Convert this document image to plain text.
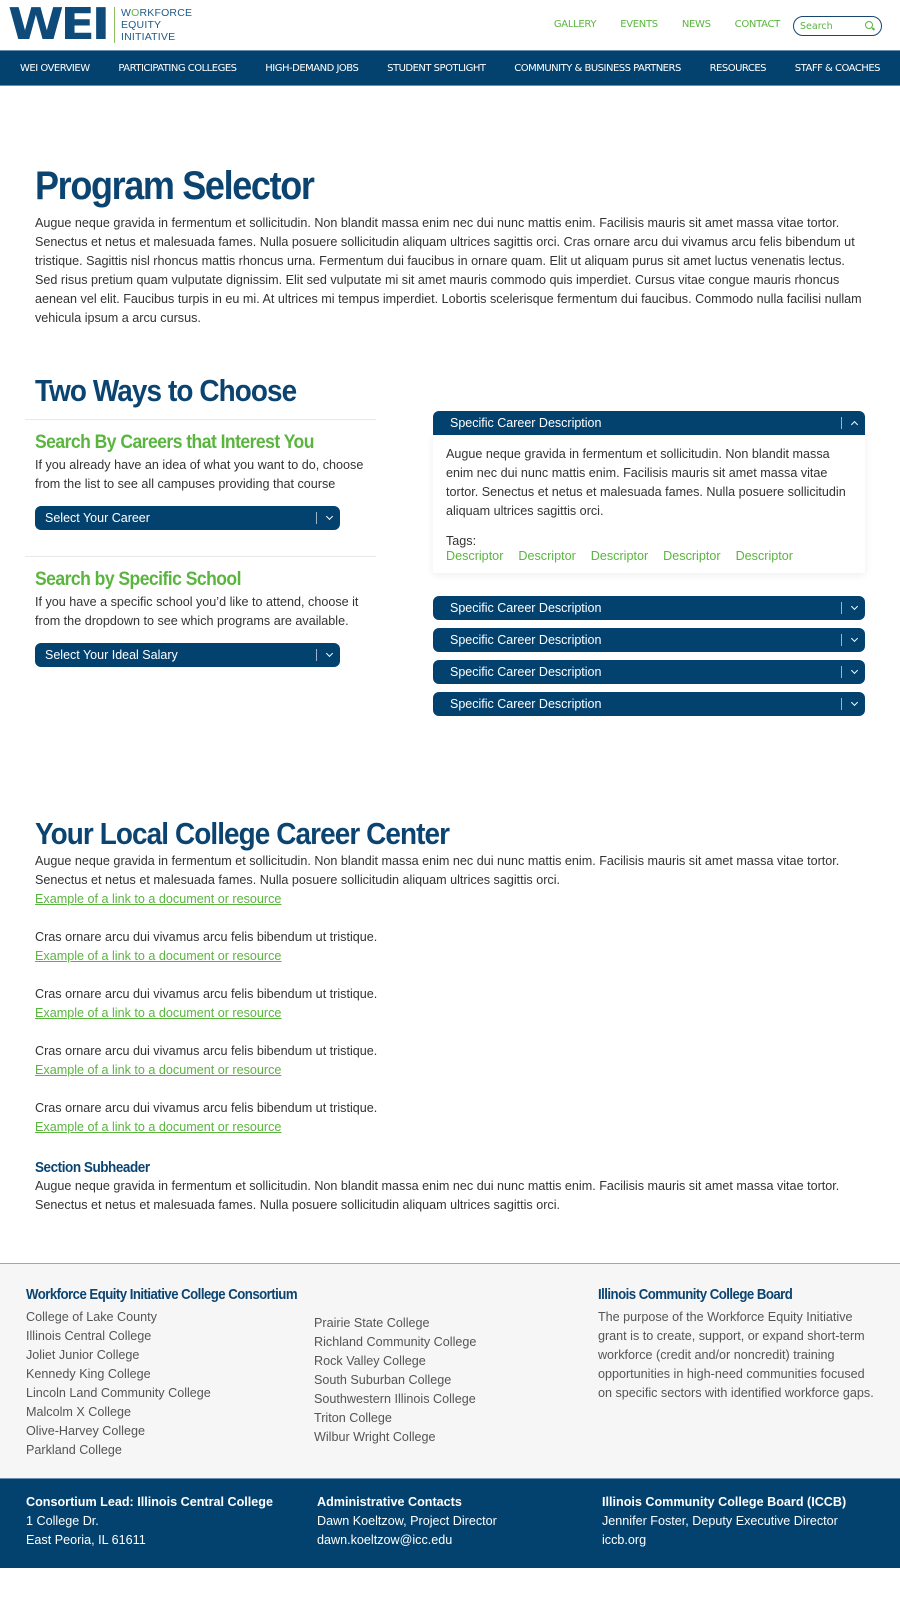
WEI WORKFORCE
EQUITY
INITIATIVE
GALLERY EVENTS NEWS CONTACT
Search
WEI OVERVIEW	PARTICIPATING COLLEGES	HIGH-DEMAND JOBS	STUDENT SPOTLIGHT	COMMUNITY & BUSINESS PARTNERS	RESOURCES	STAFF & COACHES
Program Selector

Augue neque gravida in fermentum et sollicitudin. Non blandit massa enim nec dui nunc mattis enim. Facilisis mauris sit amet massa vitae tortor. Senectus et netus et malesuada fames. Nulla posuere sollicitudin aliquam ultrices sagittis orci. Cras ornare arcu dui vivamus arcu felis bibendum ut tristique. Sagittis nisl rhoncus mattis rhoncus urna. Fermentum dui faucibus in ornare quam. Elit ut aliquam purus sit amet luctus venenatis lectus. Sed risus pretium quam vulputate dignissim. Elit sed vulputate mi sit amet mauris commodo quis imperdiet. Cursus vitae congue mauris rhoncus aenean vel elit. Faucibus turpis in eu mi. At ultrices mi tempus imperdiet. Lobortis scelerisque fermentum dui faucibus. Commodo nulla facilisi nullam vehicula ipsum a arcu cursus.

Two Ways to Choose
Search By Careers that Interest You

If you already have an idea of what you want to do, choose from the list to see all campuses providing that course

Select Your Career
Search by Specific School

If you have a specific school you’d like to attend, choose it from the dropdown to see which programs are available.

Select Your Ideal Salary
Specific Career Description

Augue neque gravida in fermentum et sollicitudin. Non blandit massa enim nec dui nunc mattis enim. Facilisis mauris sit amet massa vitae tortor. Senectus et netus et malesuada fames. Nulla posuere sollicitudin aliquam ultrices sagittis orci.

Tags:
Descriptor Descriptor Descriptor Descriptor Descriptor
Specific Career Description
Specific Career Description
Specific Career Description
Specific Career Description
Your Local College Career Center

Augue neque gravida in fermentum et sollicitudin. Non blandit massa enim nec dui nunc mattis enim. Facilisis mauris sit amet massa vitae tortor. Senectus et netus et malesuada fames. Nulla posuere sollicitudin aliquam ultrices sagittis orci.

Example of a link to a document or resource

Cras ornare arcu dui vivamus arcu felis bibendum ut tristique.

Example of a link to a document or resource

Cras ornare arcu dui vivamus arcu felis bibendum ut tristique.

Example of a link to a document or resource

Cras ornare arcu dui vivamus arcu felis bibendum ut tristique.

Example of a link to a document or resource

Cras ornare arcu dui vivamus arcu felis bibendum ut tristique.

Example of a link to a document or resource
Section Subheader

Augue neque gravida in fermentum et sollicitudin. Non blandit massa enim nec dui nunc mattis enim. Facilisis mauris sit amet massa vitae tortor. Senectus et netus et malesuada fames. Nulla posuere sollicitudin aliquam ultrices sagittis orci.

Workforce Equity Initiative College Consortium
College of Lake County
Illinois Central College
Joliet Junior College
Kennedy King College
Lincoln Land Community College
Malcolm X College
Olive-Harvey College
Parkland College
Prairie State College
Richland Community College
Rock Valley College
South Suburban College
Southwestern Illinois College
Triton College
Wilbur Wright College
Illinois Community College Board

The purpose of the Workforce Equity Initiative grant is to create, support, or expand short-term workforce (credit and/or noncredit) training opportunities in high-need communities focused on specific sectors with identified workforce gaps.

Consortium Lead: Illinois Central College
1 College Dr.
East Peoria, IL 61611
Administrative Contacts
Dawn Koeltzow, Project Director
dawn.koeltzow@icc.edu
Illinois Community College Board (ICCB)
Jennifer Foster, Deputy Executive Director
iccb.org
